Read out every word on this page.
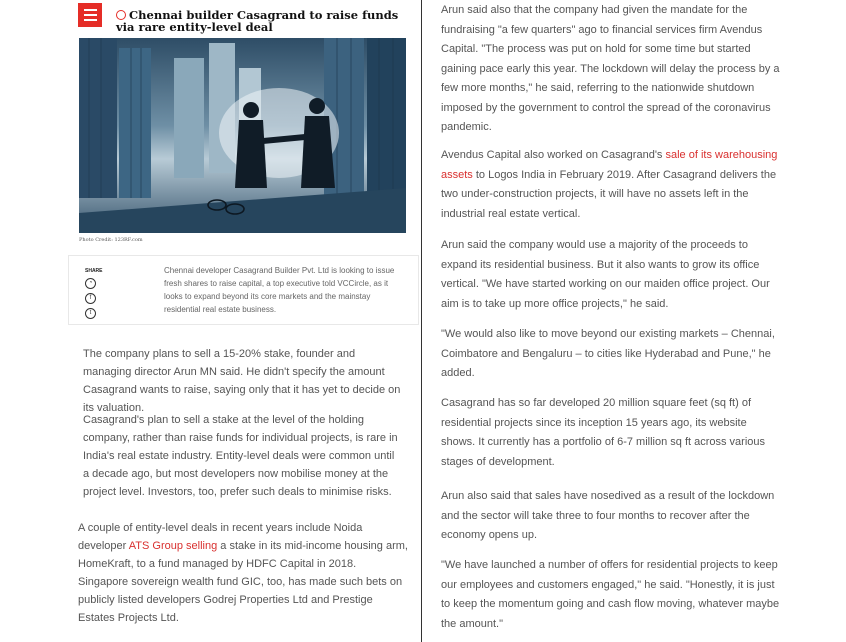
Chennai builder Casagrand to raise funds via rare entity-level deal
Photo Credit: 123RF.com
SHARE
◔
f
t
Chennai developer Casagrand Builder Pvt. Ltd is looking to issue fresh shares to raise capital, a top executive told VCCircle, as it looks to expand beyond its core markets and the mainstay residential real estate business.

The company plans to sell a 15-20% stake, founder and managing director Arun MN said. He didn't specify the amount Casagrand wants to raise, saying only that it has yet to decide on its valuation.

Casagrand's plan to sell a stake at the level of the holding company, rather than raise funds for individual projects, is rare in India's real estate industry. Entity-level deals were common until a decade ago, but most developers now mobilise money at the project level. Investors, too, prefer such deals to minimise risks.

A couple of entity-level deals in recent years include Noida developer ATS Group selling a stake in its mid-income housing arm, HomeKraft, to a fund managed by HDFC Capital in 2018. Singapore sovereign wealth fund GIC, too, has made such bets on publicly listed developers Godrej Properties Ltd and Prestige Estates Projects Ltd.

Arun said also that the company had given the mandate for the fundraising "a few quarters" ago to financial services firm Avendus Capital. "The process was put on hold for some time but started gaining pace early this year. The lockdown will delay the process by a few more months," he said, referring to the nationwide shutdown imposed by the government to control the spread of the coronavirus pandemic.

Avendus Capital also worked on Casagrand's sale of its warehousing assets to Logos India in February 2019. After Casagrand delivers the two under-construction projects, it will have no assets left in the industrial real estate vertical.

Arun said the company would use a majority of the proceeds to expand its residential business. But it also wants to grow its office vertical. "We have started working on our maiden office project. Our aim is to take up more office projects," he said.

"We would also like to move beyond our existing markets – Chennai, Coimbatore and Bengaluru – to cities like Hyderabad and Pune," he added.

Casagrand has so far developed 20 million square feet (sq ft) of residential projects since its inception 15 years ago, its website shows. It currently has a portfolio of 6-7 million sq ft across various stages of development.

Arun also said that sales have nosedived as a result of the lockdown and the sector will take three to four months to recover after the economy opens up.

"We have launched a number of offers for residential projects to keep our employees and customers engaged," he said. "Honestly, it is just to keep the momentum going and cash flow moving, whatever maybe the amount."
